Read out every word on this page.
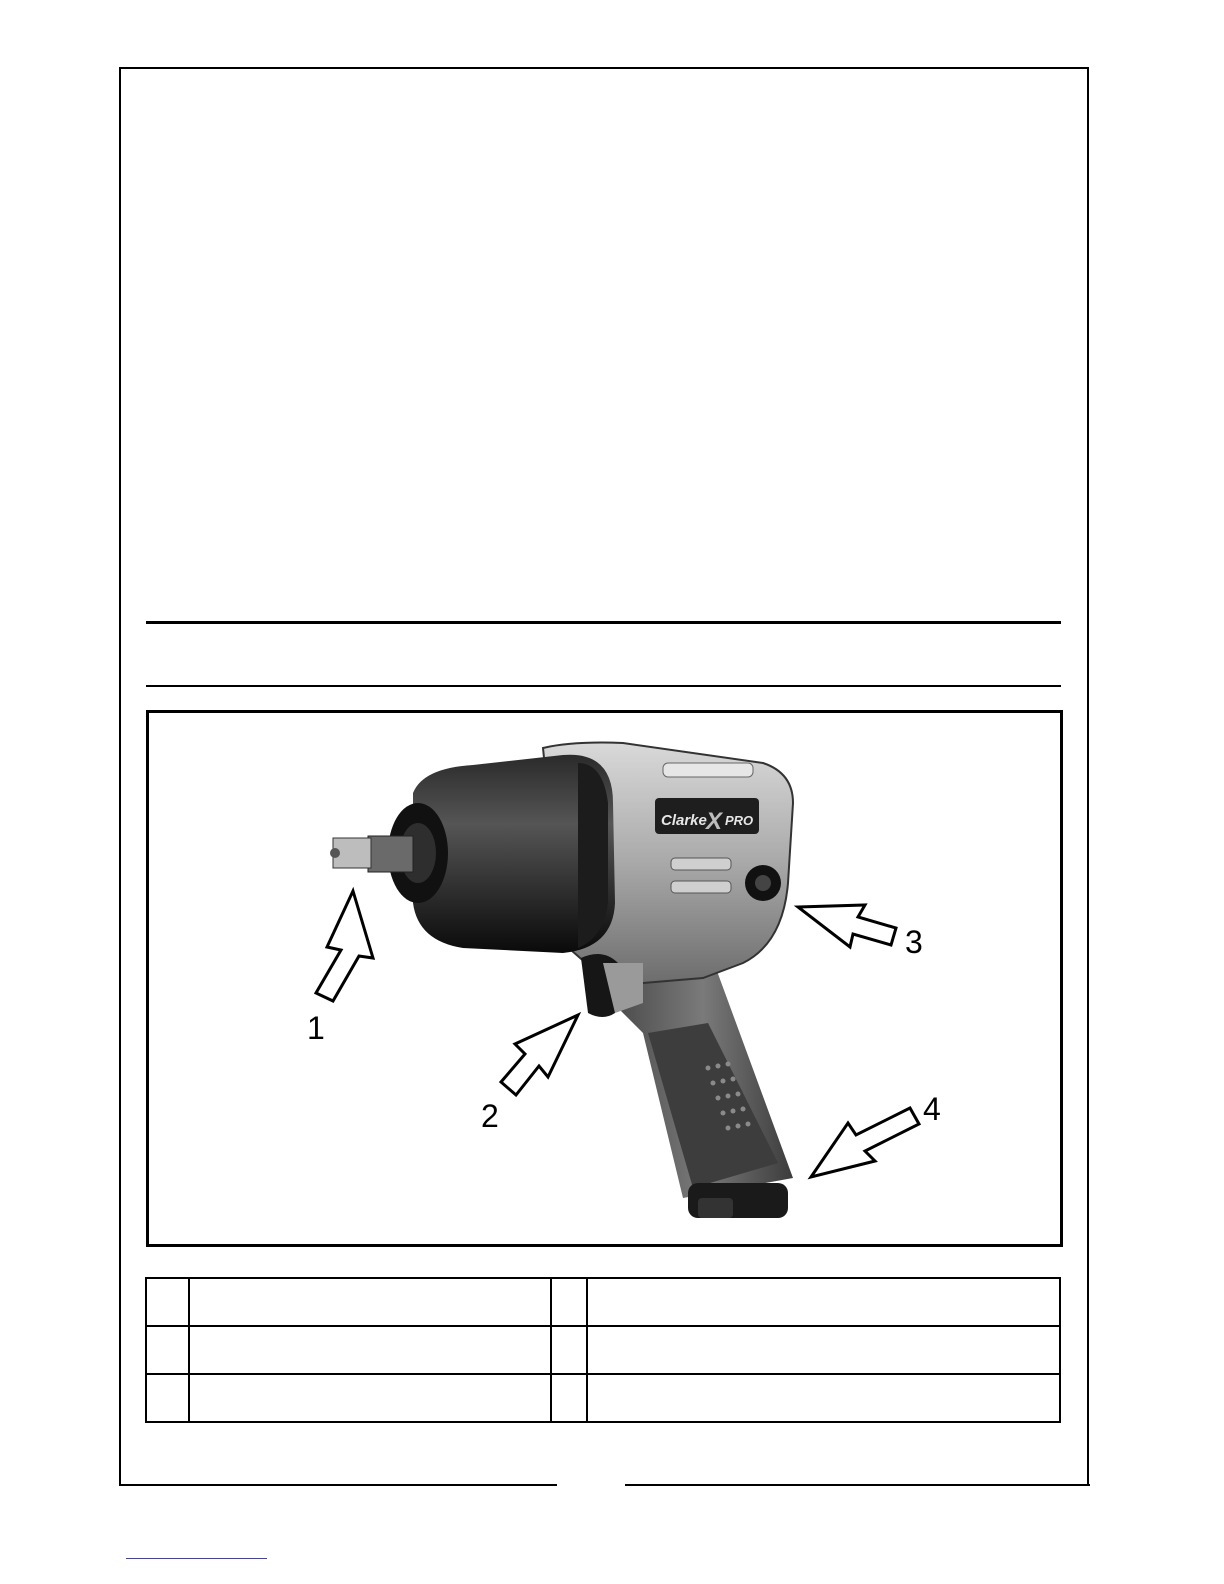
Clarke X PRO
1
2
3
4
